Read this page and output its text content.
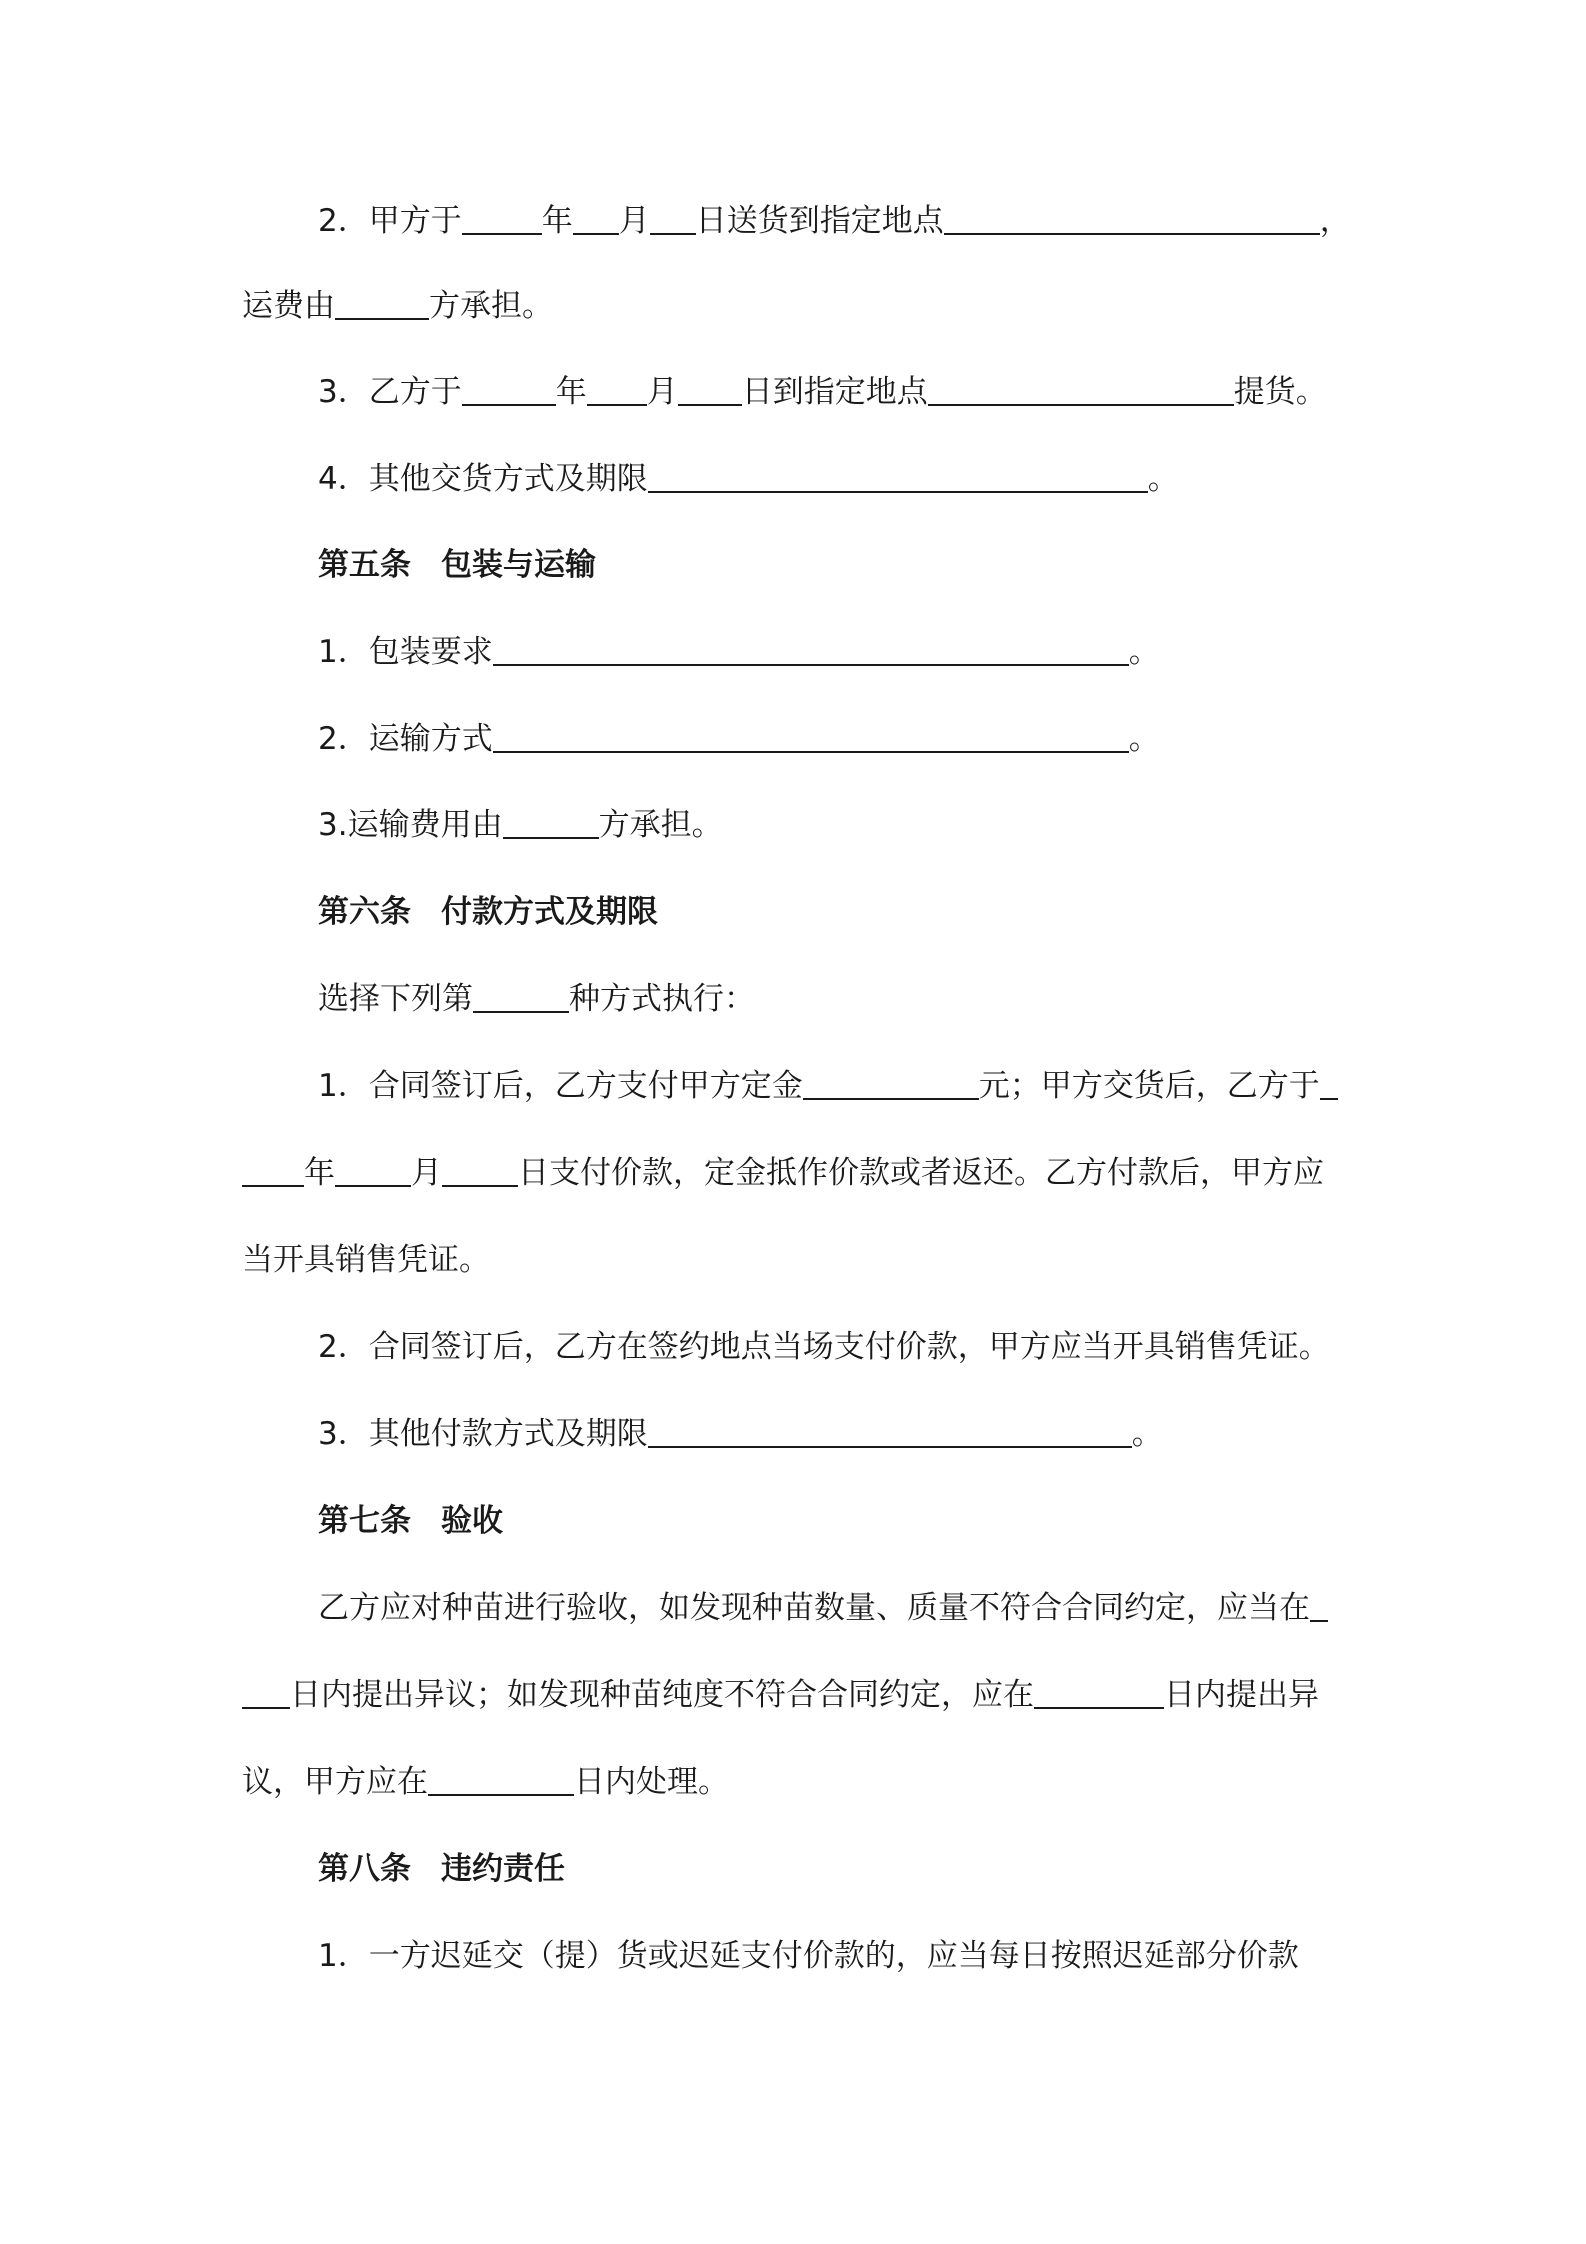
2．甲方于	年 月 日送货到指定地点	，
运费由	方承担。
3．乙方于	年 月 日到指定地点	提货。
4．其他交货方式及期限	。
第五条 包装与运输
1．包装要求	。
2．运输方式	。
3.运输费用由	方承担。
第六条 付款方式及期限
选择下列第	种方式执行：
1．合同签订后，乙方支付甲方定金	元；甲方交货后，乙方于
年 月 日支付价款，定金抵作价款或者返还。乙方付款后，甲方应
当开具销售凭证。
2．合同签订后，乙方在签约地点当场支付价款，甲方应当开具销售凭证。
3．其他付款方式及期限	。
第七条 验收
乙方应对种苗进行验收，如发现种苗数量、质量不符合合同约定，应当在
日内提出异议；如发现种苗纯度不符合合同约定，应在	日内提出异
议，甲方应在	日内处理。
第八条 违约责任
1．一方迟延交（提）货或迟延支付价款的，应当每日按照迟延部分价款
